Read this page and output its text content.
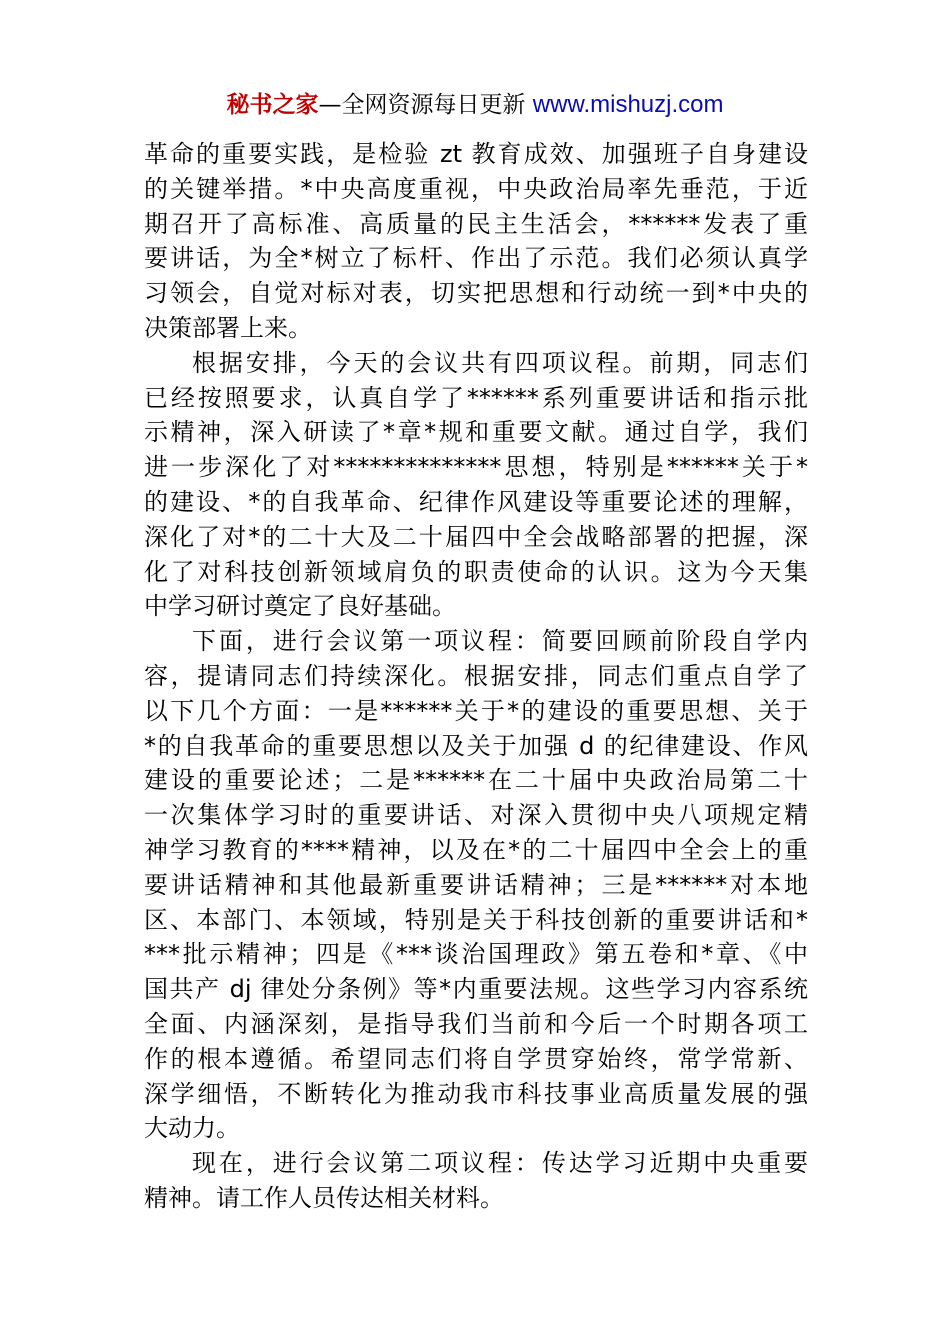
秘书之家—全网资源每日更新 www.mishuzj.com
革命的重要实践，是检验 zt 教育成效、加强班子自身建设
的关键举措。*中央高度重视，中央政治局率先垂范，于近
期召开了高标准、高质量的民主生活会，******发表了重
要讲话，为全*树立了标杆、作出了示范。我们必须认真学
习领会，自觉对标对表，切实把思想和行动统一到*中央的
决策部署上来。
根据安排，今天的会议共有四项议程。前期，同志们
已经按照要求，认真自学了******系列重要讲话和指示批
示精神，深入研读了*章*规和重要文献。通过自学，我们
进一步深化了对**************思想，特别是******关于*
的建设、*的自我革命、纪律作风建设等重要论述的理解，
深化了对*的二十大及二十届四中全会战略部署的把握，深
化了对科技创新领域肩负的职责使命的认识。这为今天集
中学习研讨奠定了良好基础。
下面，进行会议第一项议程：简要回顾前阶段自学内
容，提请同志们持续深化。根据安排，同志们重点自学了
以下几个方面：一是******关于*的建设的重要思想、关于
*的自我革命的重要思想以及关于加强 d 的纪律建设、作风
建设的重要论述；二是******在二十届中央政治局第二十
一次集体学习时的重要讲话、对深入贯彻中央八项规定精
神学习教育的****精神，以及在*的二十届四中全会上的重
要讲话精神和其他最新重要讲话精神；三是******对本地
区、本部门、本领域，特别是关于科技创新的重要讲话和*
***批示精神；四是《***谈治国理政》第五卷和*章、《中
国共产 dj 律处分条例》等*内重要法规。这些学习内容系统
全面、内涵深刻，是指导我们当前和今后一个时期各项工
作的根本遵循。希望同志们将自学贯穿始终，常学常新、
深学细悟，不断转化为推动我市科技事业高质量发展的强
大动力。
现在，进行会议第二项议程：传达学习近期中央重要
精神。请工作人员传达相关材料。
